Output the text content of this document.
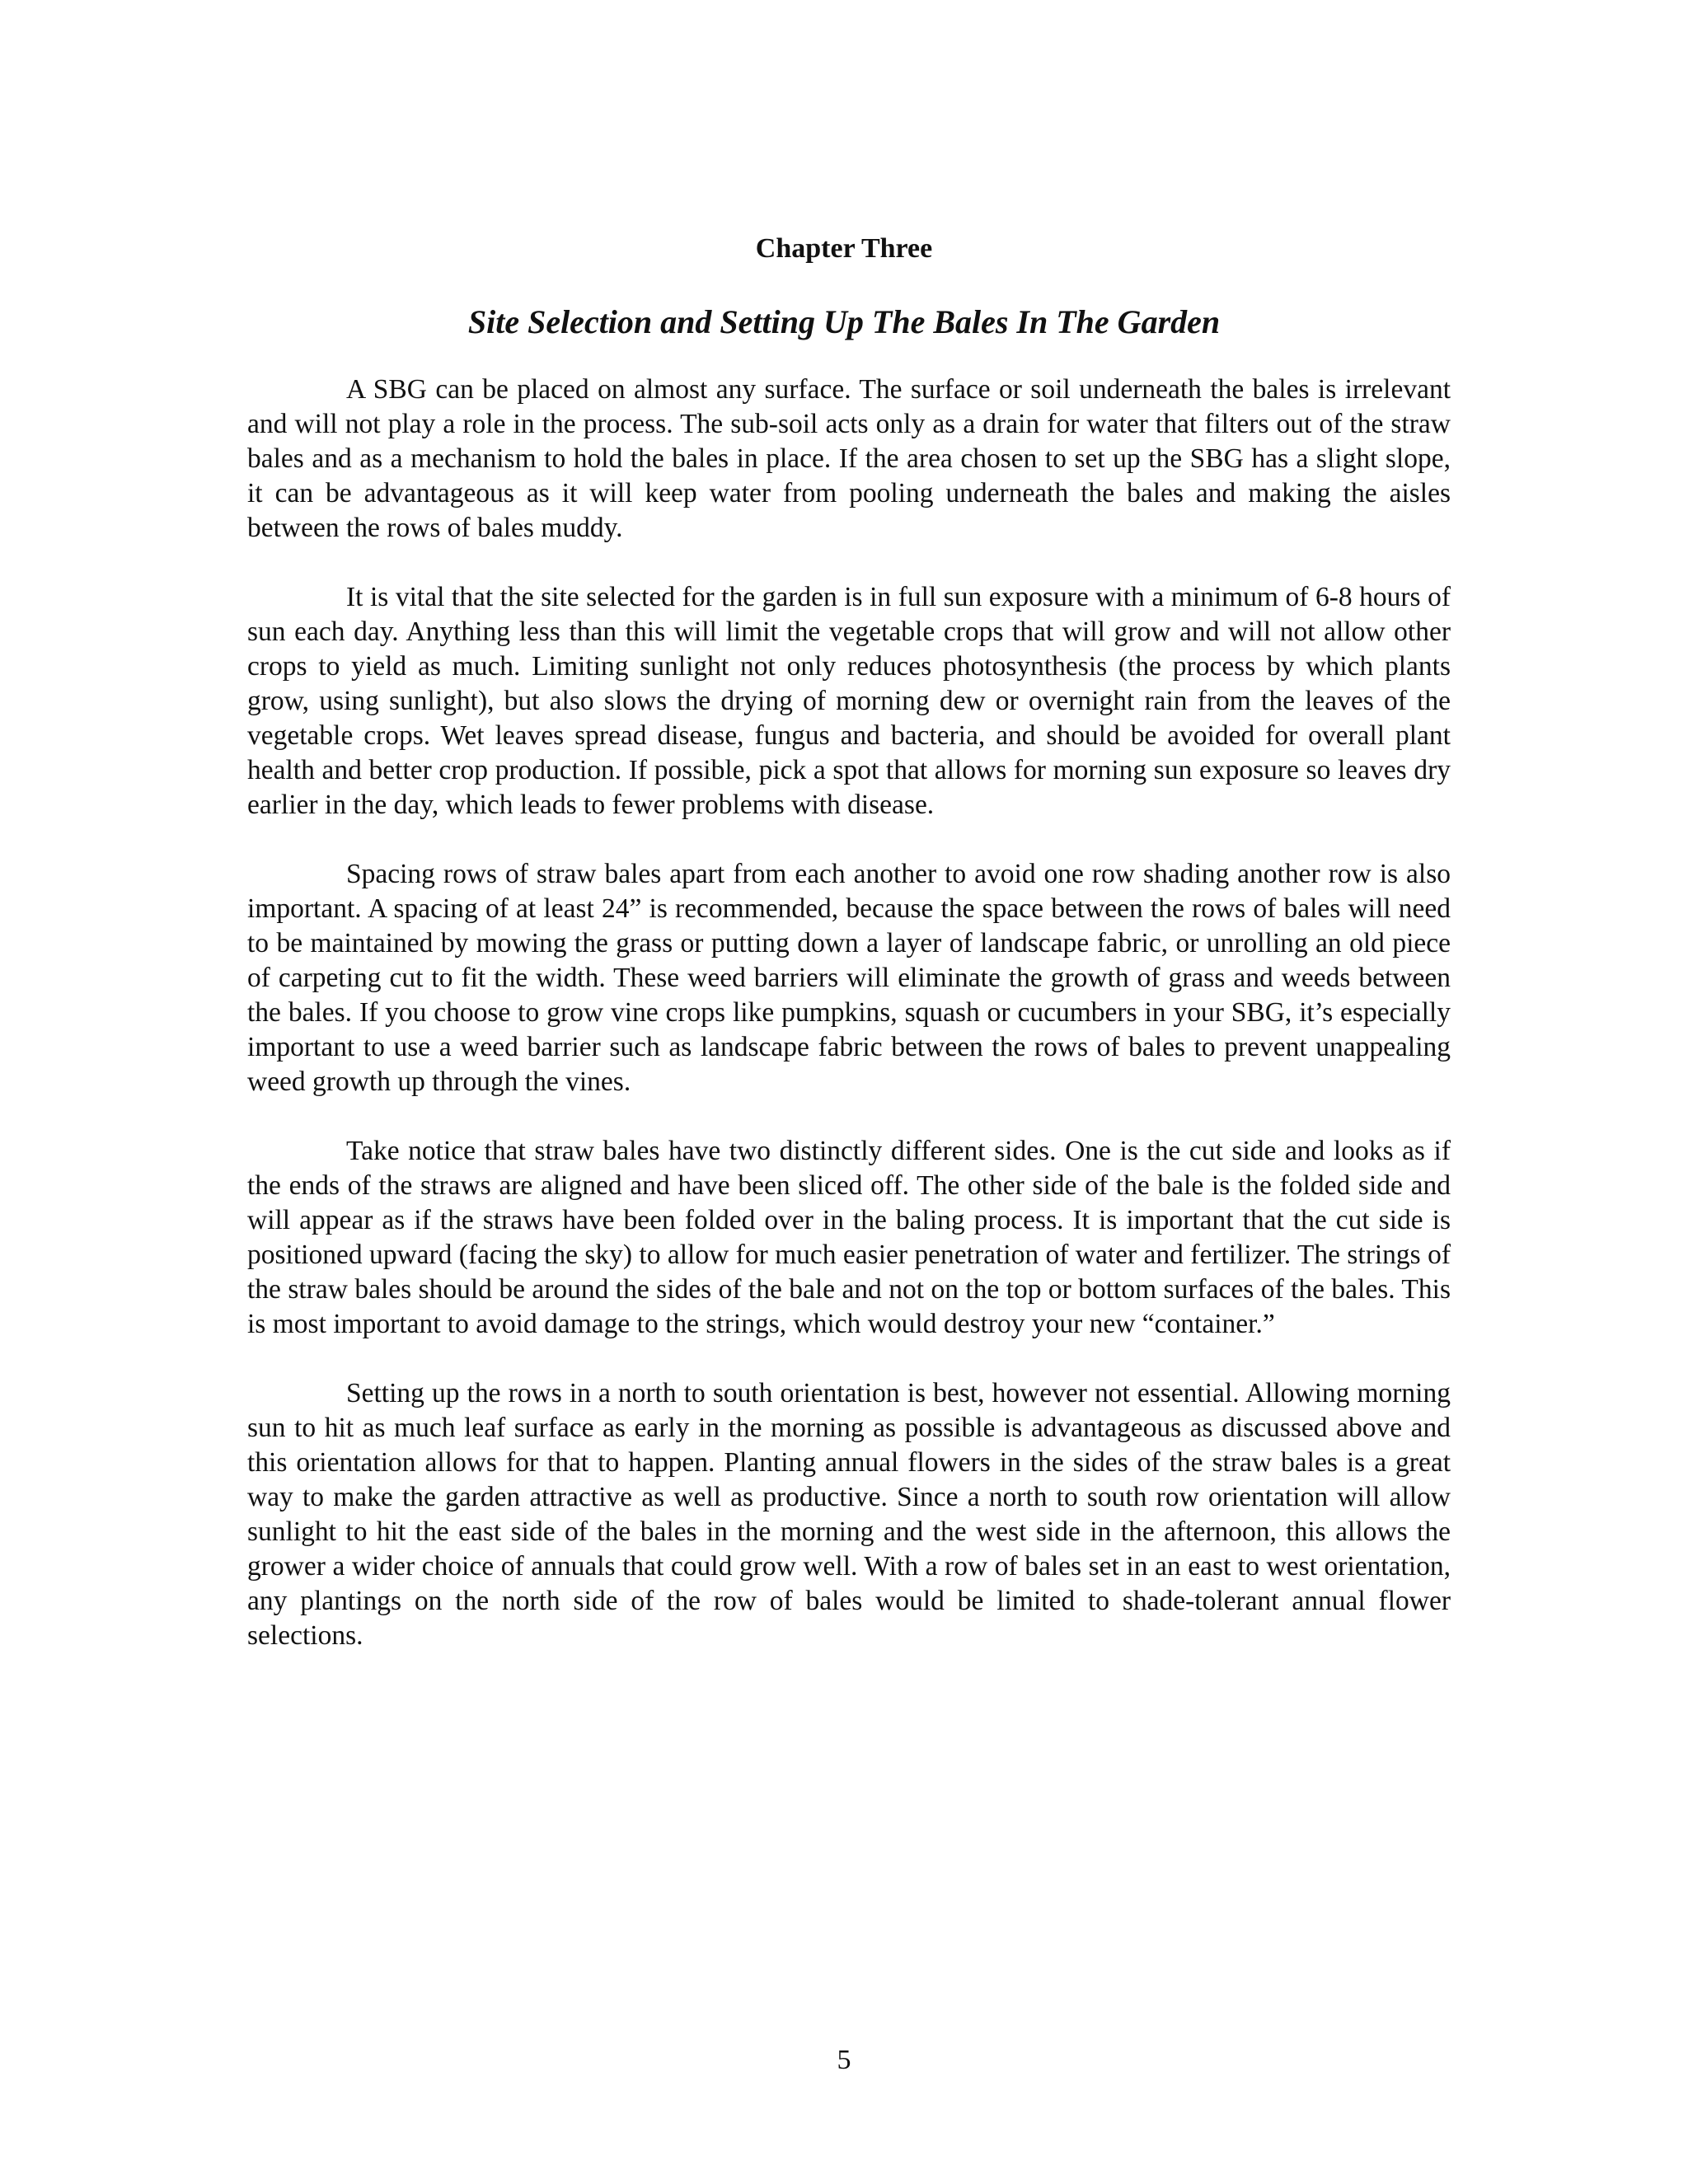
Chapter Three
Site Selection and Setting Up The Bales In The Garden

A SBG can be placed on almost any surface. The surface or soil underneath the bales is irrelevant and will not play a role in the process. The sub-soil acts only as a drain for water that filters out of the straw bales and as a mechanism to hold the bales in place. If the area chosen to set up the SBG has a slight slope, it can be advantageous as it will keep water from pooling underneath the bales and making the aisles between the rows of bales muddy.

It is vital that the site selected for the garden is in full sun exposure with a minimum of 6-8 hours of sun each day. Anything less than this will limit the vegetable crops that will grow and will not allow other crops to yield as much. Limiting sunlight not only reduces photosynthesis (the process by which plants grow, using sunlight), but also slows the drying of morning dew or overnight rain from the leaves of the vegetable crops. Wet leaves spread disease, fungus and bacteria, and should be avoided for overall plant health and better crop production. If possible, pick a spot that allows for morning sun exposure so leaves dry earlier in the day, which leads to fewer problems with disease.

Spacing rows of straw bales apart from each another to avoid one row shading another row is also important. A spacing of at least 24” is recommended, because the space between the rows of bales will need to be maintained by mowing the grass or putting down a layer of landscape fabric, or unrolling an old piece of carpeting cut to fit the width. These weed barriers will eliminate the growth of grass and weeds between the bales. If you choose to grow vine crops like pumpkins, squash or cucumbers in your SBG, it’s especially important to use a weed barrier such as landscape fabric between the rows of bales to prevent unappealing weed growth up through the vines.

Take notice that straw bales have two distinctly different sides. One is the cut side and looks as if the ends of the straws are aligned and have been sliced off. The other side of the bale is the folded side and will appear as if the straws have been folded over in the baling process. It is important that the cut side is positioned upward (facing the sky) to allow for much easier penetration of water and fertilizer. The strings of the straw bales should be around the sides of the bale and not on the top or bottom surfaces of the bales. This is most important to avoid damage to the strings, which would destroy your new “container.”

Setting up the rows in a north to south orientation is best, however not essential. Allowing morning sun to hit as much leaf surface as early in the morning as possible is advantageous as discussed above and this orientation allows for that to happen. Planting annual flowers in the sides of the straw bales is a great way to make the garden attractive as well as productive. Since a north to south row orientation will allow sunlight to hit the east side of the bales in the morning and the west side in the afternoon, this allows the grower a wider choice of annuals that could grow well. With a row of bales set in an east to west orientation, any plantings on the north side of the row of bales would be limited to shade-tolerant annual flower selections.

5
